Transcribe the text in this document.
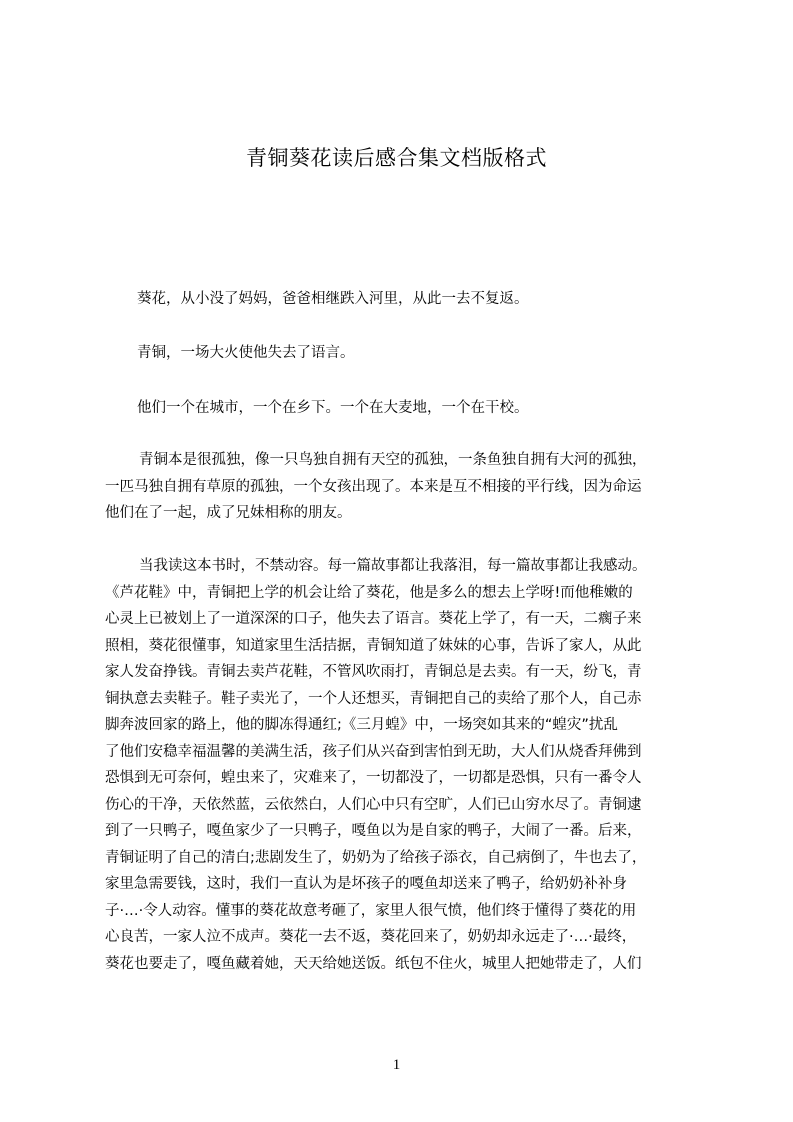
青铜葵花读后感合集文档版格式

葵花，从小没了妈妈，爸爸相继跌入河里，从此一去不复返。

青铜，一场大火使他失去了语言。

他们一个在城市，一个在乡下。一个在大麦地，一个在干校。

青铜本是很孤独，像一只鸟独自拥有天空的孤独，一条鱼独自拥有大河的孤独，
一匹马独自拥有草原的孤独，一个女孩出现了。本来是互不相接的平行线，因为命运
他们在了一起，成了兄妹相称的朋友。
当我读这本书时，不禁动容。每一篇故事都让我落泪，每一篇故事都让我感动。
《芦花鞋》中，青铜把上学的机会让给了葵花，他是多么的想去上学呀!而他稚嫩的
心灵上已被划上了一道深深的口子，他失去了语言。葵花上学了，有一天，二瘸子来
照相，葵花很懂事，知道家里生活拮据，青铜知道了妹妹的心事，告诉了家人，从此
家人发奋挣钱。青铜去卖芦花鞋，不管风吹雨打，青铜总是去卖。有一天，纷飞，青
铜执意去卖鞋子。鞋子卖光了，一个人还想买，青铜把自己的卖给了那个人，自己赤
脚奔波回家的路上，他的脚冻得通红;《三月蝗》中，一场突如其来的“蝗灾”扰乱
了他们安稳幸福温馨的美满生活，孩子们从兴奋到害怕到无助，大人们从烧香拜佛到
恐惧到无可奈何，蝗虫来了，灾难来了，一切都没了，一切都是恐惧，只有一番令人
伤心的干净，天依然蓝，云依然白，人们心中只有空旷，人们已山穷水尽了。青铜逮
到了一只鸭子，嘎鱼家少了一只鸭子，嘎鱼以为是自家的鸭子，大闹了一番。后来，
青铜证明了自己的清白;悲剧发生了，奶奶为了给孩子添衣，自己病倒了，牛也去了，
家里急需要钱，这时，我们一直认为是坏孩子的嘎鱼却送来了鸭子，给奶奶补补身
子·…·令人动容。懂事的葵花故意考砸了，家里人很气愤，他们终于懂得了葵花的用
心良苦，一家人泣不成声。葵花一去不返，葵花回来了，奶奶却永远走了·…·最终，
葵花也要走了，嘎鱼藏着她，天天给她送饭。纸包不住火，城里人把她带走了，人们
1
